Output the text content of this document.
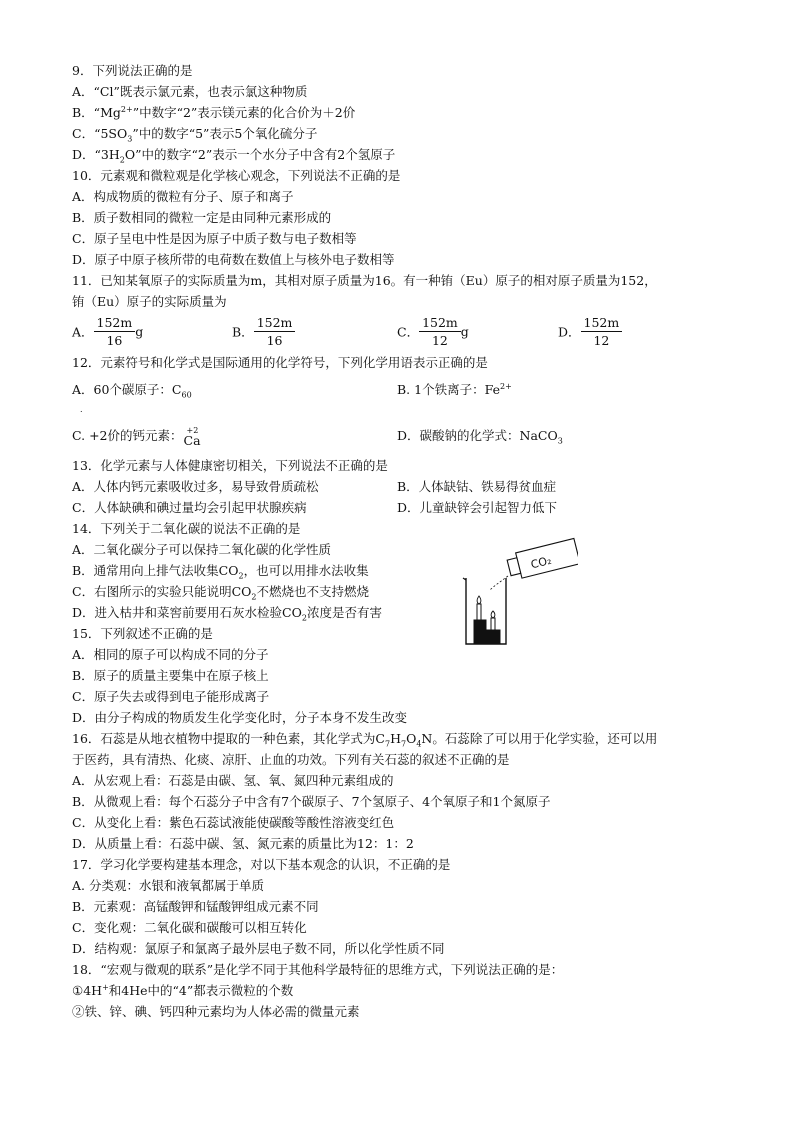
9．下列说法正确的是
A．“Cl”既表示氯元素，也表示氯这种物质
B．“$Mg^{2+}$”中数字“2”表示镁元素的化合价为＋2价
C．“$5SO_3$”中的数字“5”表示5个氧化硫分子
D．“$3H_2O$”中的数字“2”表示一个水分子中含有2个氢原子
10．元素观和微粒观是化学核心观念，下列说法不正确的是
A．构成物质的微粒有分子、原子和离子
B．质子数相同的微粒一定是由同种元素形成的
C．原子呈电中性是因为原子中质子数与电子数相等
D．原子中原子核所带的电荷数在数值上与核外电子数相等
11．已知某氧原子的实际质量为m，其相对原子质量为16。有一种铕（Eu）原子的相对原子质量为152，
铕（Eu）原子的实际质量为
A． $\frac{152m}{16}$ g	B． $\frac{152m}{16}$	C． $\frac{152m}{12}$ g	D． $\frac{152m}{12}$
12．元素符号和化学式是国际通用的化学符号，下列化学用语表示正确的是
A．60个碳原子：$C_{60}$	B. 1个铁离子：$Fe^{2+}$
.
C. +2价的钙元素： +2
Ca	D．碳酸钠的化学式：NaCO$_3$
13．化学元素与人体健康密切相关，下列说法不正确的是
A．人体内钙元素吸收过多，易导致骨质疏松	B．人体缺钴、铁易得贫血症
C．人体缺碘和碘过量均会引起甲状腺疾病	D．儿童缺锌会引起智力低下
14．下列关于二氧化碳的说法不正确的是
A．二氧化碳分子可以保持二氧化碳的化学性质
B．通常用向上排气法收集$CO_2$，也可以用排水法收集
C．右图所示的实验只能说明$CO_2$不燃烧也不支持燃烧
D．进入枯井和菜窖前要用石灰水检验$CO_2$浓度是否有害
CO₂
15．下列叙述不正确的是
A．相同的原子可以构成不同的分子
B．原子的质量主要集中在原子核上
C．原子失去或得到电子能形成离子
D．由分子构成的物质发生化学变化时，分子本身不发生改变
16．石蕊是从地衣植物中提取的一种色素，其化学式为$C_7H_7O_4N$。石蕊除了可以用于化学实验，还可以用
于医药，具有清热、化痰、凉肝、止血的功效。下列有关石蕊的叙述不正确的是
A．从宏观上看：石蕊是由碳、氢、氧、氮四种元素组成的
B．从微观上看：每个石蕊分子中含有7个碳原子、7个氢原子、4个氧原子和1个氮原子
C．从变化上看：紫色石蕊试液能使碳酸等酸性溶液变红色
D．从质量上看：石蕊中碳、氢、氮元素的质量比为12：1：2
17．学习化学要构建基本理念，对以下基本观念的认识，不正确的是
A. 分类观：水银和液氧都属于单质
B．元素观：高锰酸钾和锰酸钾组成元素不同
C．变化观：二氧化碳和碳酸可以相互转化
D．结构观：氯原子和氯离子最外层电子数不同，所以化学性质不同
18．“宏观与微观的联系”是化学不同于其他科学最特征的思维方式，下列说法正确的是：
①4H+和4He中的“4”都表示微粒的个数
②铁、锌、碘、钙四种元素均为人体必需的微量元素
